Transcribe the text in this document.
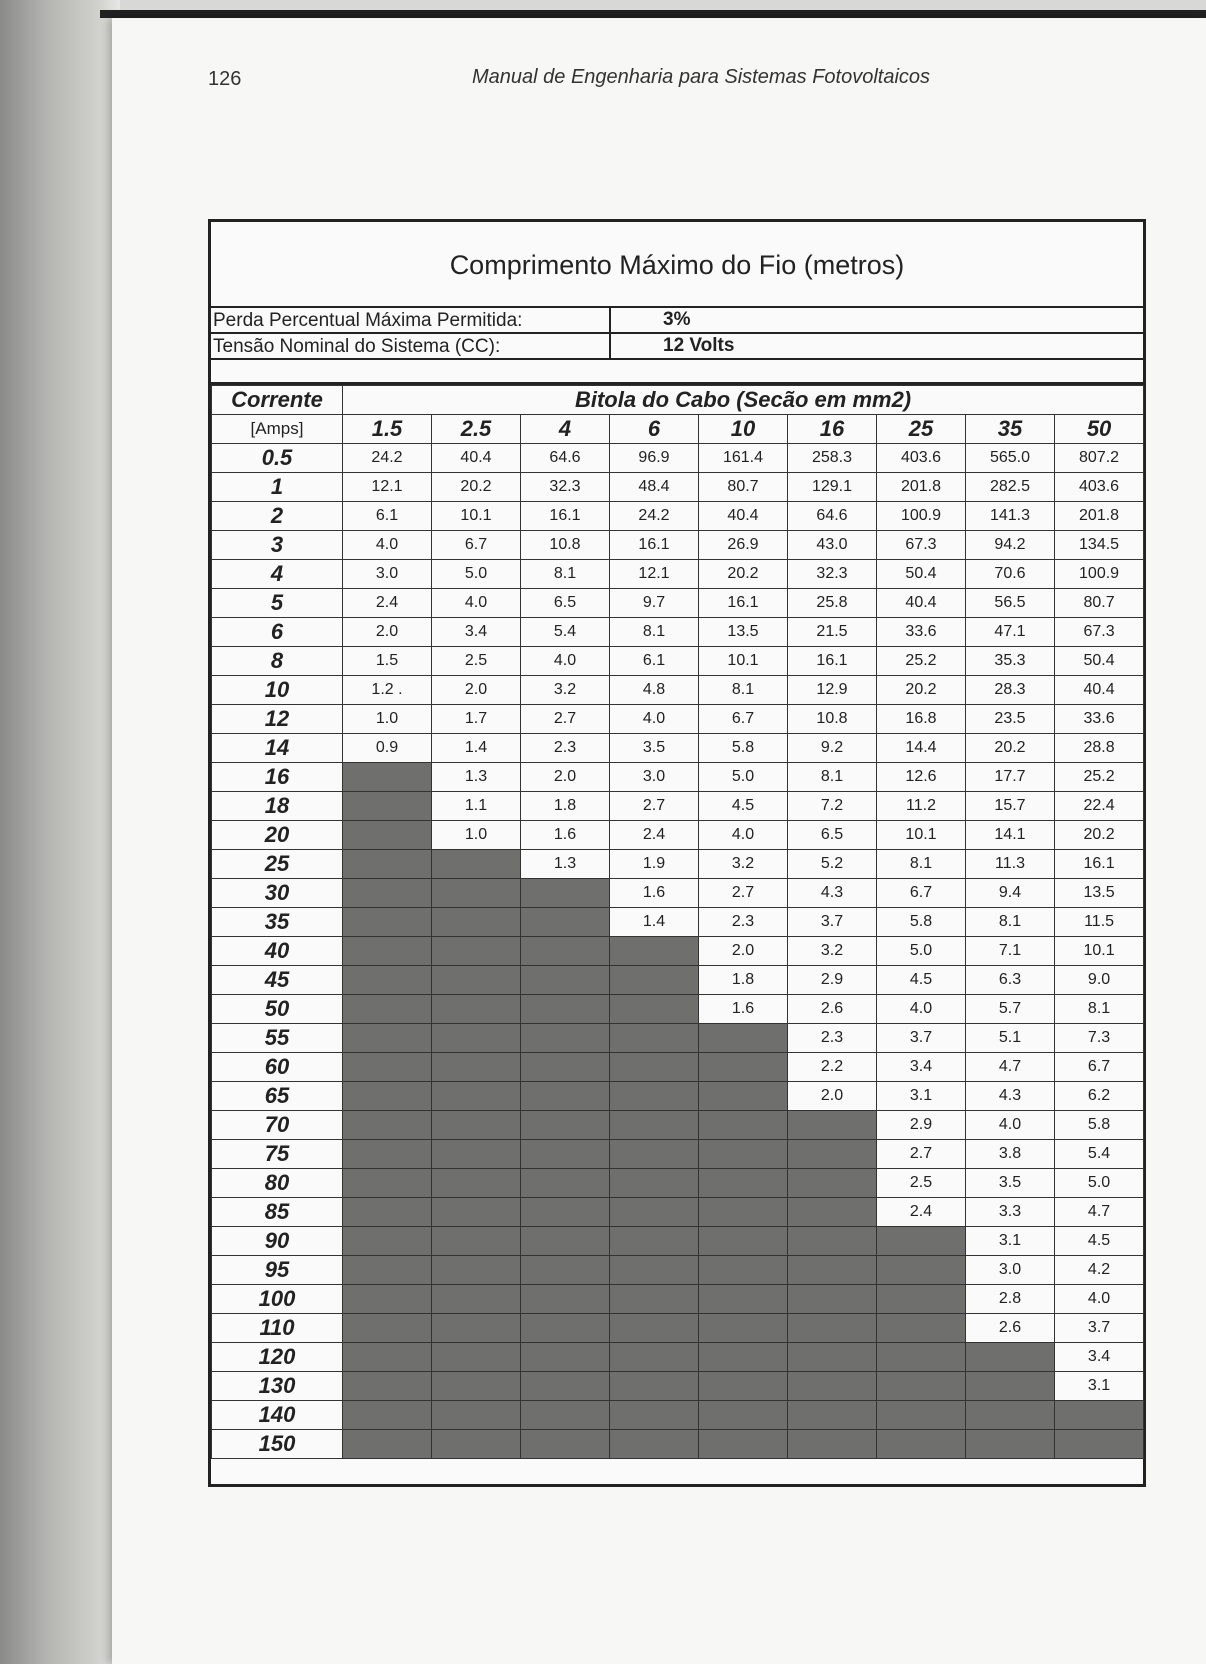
126	Manual de Engenharia para Sistemas Fotovoltaicos
Comprimento Máximo do Fio (metros)
Perda Percentual Máxima Permitida:	3%
Tensão Nominal do Sistema (CC):	12 Volts
Corrente	Bitola do Cabo (Secão em mm2)								
[Amps]	1.5	2.5	4	6	10	16	25	35	50
0.5	24.2	40.4	64.6	96.9	161.4	258.3	403.6	565.0	807.2
1	12.1	20.2	32.3	48.4	80.7	129.1	201.8	282.5	403.6
2	6.1	10.1	16.1	24.2	40.4	64.6	100.9	141.3	201.8
3	4.0	6.7	10.8	16.1	26.9	43.0	67.3	94.2	134.5
4	3.0	5.0	8.1	12.1	20.2	32.3	50.4	70.6	100.9
5	2.4	4.0	6.5	9.7	16.1	25.8	40.4	56.5	80.7
6	2.0	3.4	5.4	8.1	13.5	21.5	33.6	47.1	67.3
8	1.5	2.5	4.0	6.1	10.1	16.1	25.2	35.3	50.4
10	1.2 .	2.0	3.2	4.8	8.1	12.9	20.2	28.3	40.4
12	1.0	1.7	2.7	4.0	6.7	10.8	16.8	23.5	33.6
14	0.9	1.4	2.3	3.5	5.8	9.2	14.4	20.2	28.8
16		1.3	2.0	3.0	5.0	8.1	12.6	17.7	25.2
18		1.1	1.8	2.7	4.5	7.2	11.2	15.7	22.4
20		1.0	1.6	2.4	4.0	6.5	10.1	14.1	20.2
25			1.3	1.9	3.2	5.2	8.1	11.3	16.1
30				1.6	2.7	4.3	6.7	9.4	13.5
35				1.4	2.3	3.7	5.8	8.1	11.5
40					2.0	3.2	5.0	7.1	10.1
45					1.8	2.9	4.5	6.3	9.0
50					1.6	2.6	4.0	5.7	8.1
55						2.3	3.7	5.1	7.3
60						2.2	3.4	4.7	6.7
65						2.0	3.1	4.3	6.2
70							2.9	4.0	5.8
75							2.7	3.8	5.4
80							2.5	3.5	5.0
85							2.4	3.3	4.7
90								3.1	4.5
95								3.0	4.2
100								2.8	4.0
110								2.6	3.7
120									3.4
130									3.1
140									
150									
